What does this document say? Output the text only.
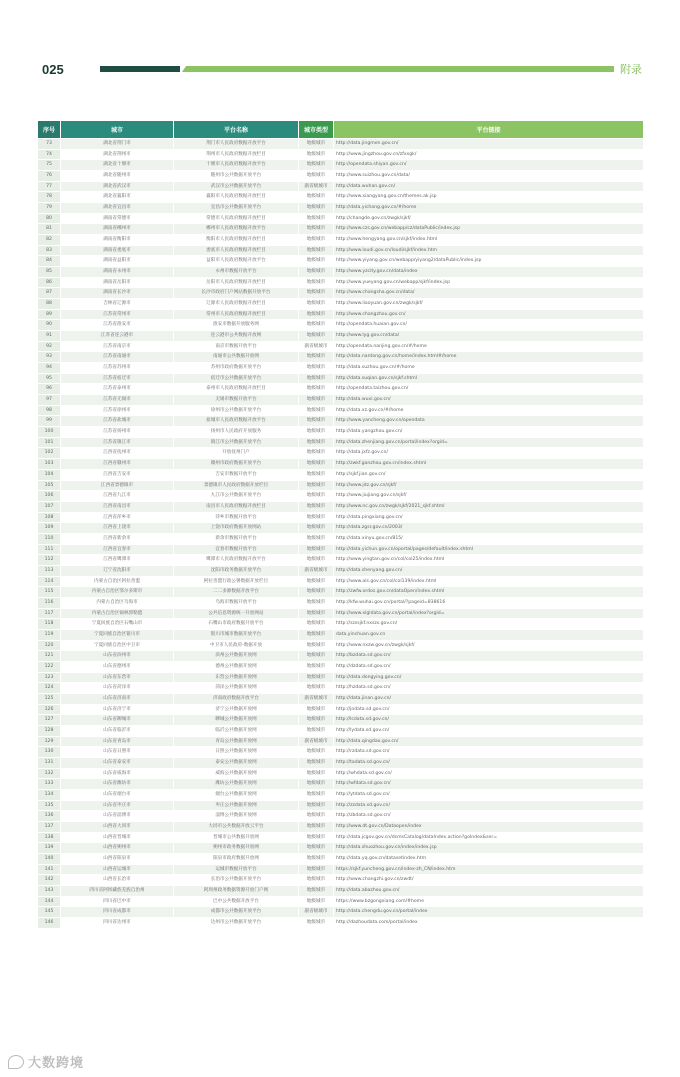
025	附录
序号	城市	平台名称	城市类型	平台链接
73	湖北省荆门市	荆门市人民政府数据开放平台	地级城市	http://data.jingmen.gov.cn/
74	湖北省荆州市	荆州市人民政府数据开放栏目	地级城市	http://www.jingzhou.gov.cn/zfxxgk/
75	湖北省十堰市	十堰市人民政府数据开放平台	地级城市	http://opendata.shiyan.gov.cn/
76	湖北省随州市	随州市公共数据开放平台	地级城市	http://www.suizhou.gov.cn/data/
77	湖北省武汉市	武汉市公共数据开放平台	副省级城市	http://data.wuhan.gov.cn/
78	湖北省襄阳市	襄阳市人民政府数据开放栏目	地级城市	http://www.xiangyang.gov.cn/themes.ak.jsp
79	湖北省宜昌市	宜昌市公共数据开放平台	地级城市	http://data.yichang.gov.cn/#/home
80	湖南省常德市	常德市人民政府数据开放栏目	地级城市	http://changde.gov.cn/zwgk/sjkf/
81	湖南省郴州市	郴州市人民政府数据开放平台	地级城市	http://www.czs.gov.cn/webapp/cz/dataPublic/index.jsp
82	湖南省衡阳市	衡阳市人民政府数据开放栏目	地级城市	http://www.hengyang.gov.cn/sjkf/index.html
83	湖南省娄底市	娄底市人民政府数据开放栏目	地级城市	http://www.loudi.gov.cn/loudi/sjkf/index.htm
84	湖南省益阳市	益阳市人民政府数据开放平台	地级城市	http://www.yiyang.gov.cn/webapp/yiyang2/dataPublic/index.jsp
85	湖南省永州市	永州市数据开放平台	地级城市	http://www.yzcity.gov.cn/data/index
86	湖南省岳阳市	岳阳市人民政府数据开放栏目	地级城市	http://www.yueyang.gov.cn/webapp/sjkf/index.jsp
87	湖南省长沙市	长沙市政府门户网站数据开放平台	地级城市	http://www.changsha.gov.cn/data/
88	吉林省辽源市	辽源市人民政府数据开放栏目	地级城市	http://www.liaoyuan.gov.cn/zwgk/sjkf/
89	江苏省常州市	常州市人民政府数据开放栏目	地级城市	http://www.changzhou.gov.cn/
90	江苏省淮安市	淮安市数据开放服务网	地级城市	http://opendata.huaian.gov.cn/
91	江苏省连云港市	连云港市公共数据开放网	地级城市	http://www.lyg.gov.cn/data/
92	江苏省南京市	南京市数据开放平台	副省级城市	http://opendata.nanjing.gov.cn/#/home
93	江苏省南通市	南通市公共数据开放网	地级城市	http://data.nantong.gov.cn/home/index.html#/home
94	江苏省苏州市	苏州市政府数据开放平台	地级城市	http://data.suzhou.gov.cn/#/home
95	江苏省宿迁市	宿迁市公共数据开放平台	地级城市	http://data.suqian.gov.cn/sjkf.shtml
96	江苏省泰州市	泰州市人民政府数据开放栏目	地级城市	http://opendata.taizhou.gov.cn/
97	江苏省无锡市	无锡市数据开放平台	地级城市	http://data.wuxi.gov.cn/
98	江苏省徐州市	徐州市公共数据开放平台	地级城市	http://data.xz.gov.cn/#/home
99	江苏省盐城市	盐城市人民政府数据开放平台	地级城市	http://www.yancheng.gov.cn/opendata
100	江苏省扬州市	扬州市人民政府开放服务	地级城市	http://data.yangzhou.gov.cn/
101	江苏省镇江市	镇江市公共数据开放平台	地级城市	http://data.zhenjiang.gov.cn/portal/index?orgid=
102	江西省抚州市	开放抚州门户	地级城市	http://data.jxfz.gov.cn/
103	江西省赣州市	赣州市政府数据开放平台	地级城市	http://zwkf.ganzhou.gov.cn/index.shtml
104	江西省吉安市	吉安市数据开放平台	地级城市	http://sjkf.jian.gov.cn/
105	江西省景德镇市	景德镇市人民政府数据开放栏目	地级城市	http://www.jdz.gov.cn/sjkf/
106	江西省九江市	九江市公共数据开放平台	地级城市	http://www.jiujiang.gov.cn/sjkf/
107	江西省南昌市	南昌市人民政府数据开放栏目	地级城市	http://www.nc.gov.cn/zwgk/sjkf/2021_sjkf.shtml
108	江西省萍乡市	萍乡市数据开放平台	地级城市	http://data.pingxiang.gov.cn/
109	江西省上饶市	上饶市政府数据开放网站	地级城市	http://data.zgsr.gov.cn/2003/
110	江西省新余市	新余市数据开放平台	地级城市	http://data.xinyu.gov.cn/815/
111	江西省宜春市	宜春市数据开放平台	地级城市	http://data.yichun.gov.cn/oportal/pages/default/index.shtml
112	江西省鹰潭市	鹰潭市人民政府数据开放平台	地级城市	http://www.yingtan.gov.cn/col/col25/index.html
113	辽宁省沈阳市	沈阳市政务数据开放平台	副省级城市	http://data.shenyang.gov.cn/
114	内蒙古自治区阿拉善盟	阿拉善盟行政公署数据开放栏目	地级城市	http://www.als.gov.cn/col/col139/index.html
115	内蒙古自治区鄂尔多斯市	二二多源数据开放平台	地级城市	http://zwfw.ordos.gov.cn/dataOpen/index.shtml
116	内蒙古自治区乌海市	乌海市数据开放平台	地级城市	http://kfw.wuhai.gov.cn/portal/?pageid=838616
117	内蒙古自治区锡林郭勒盟	公共信息资源统一开放网站	地级城市	http://www.xlgldata.gov.cn/portal/index?orgid=
118	宁夏回族自治区石嘴山市	石嘴山市政府数据开放平台	地级城市	http://szssjkf.nxszs.gov.cn/
119	宁夏回族自治区银川市	银川市城市数据开放平台	地级城市	data.yinchuan.gov.cn
120	宁夏回族自治区中卫市	中卫市人民政府-数据开放	地级城市	http://www.nxzw.gov.cn/zwgk/sjkf/
121	山东省滨州市	滨州公共数据开放网	地级城市	http://bzdata.sd.gov.cn/
122	山东省德州市	德州公共数据开放网	地级城市	http://dzdata.sd.gov.cn/
123	山东省东营市	东营公共数据开放网	地级城市	http://data.dongying.gov.cn/
124	山东省菏泽市	菏泽公共数据开放网	地级城市	http://hzdata.sd.gov.cn/
125	山东省济南市	济南政府数据开放平台	副省级城市	http://data.jinan.gov.cn/
126	山东省济宁市	济宁公共数据开放网	地级城市	http://jndata.sd.gov.cn/
127	山东省聊城市	聊城公共数据开放网	地级城市	http://lcdata.sd.gov.cn/
128	山东省临沂市	临沂公共数据开放网	地级城市	http://lydata.sd.gov.cn/
129	山东省青岛市	青岛公共数据开放网	副省级城市	http://data.qingdao.gov.cn/
130	山东省日照市	日照公共数据开放网	地级城市	http://rzdata.sd.gov.cn/
131	山东省泰安市	泰安公共数据开放网	地级城市	http://tadata.sd.gov.cn/
132	山东省威海市	威海公共数据开放网	地级城市	http://whdata.sd.gov.cn/
133	山东省潍坊市	潍坊公共数据开放网	地级城市	http://wfdata.sd.gov.cn/
134	山东省烟台市	烟台公共数据开放网	地级城市	http://ytdata.sd.gov.cn/
135	山东省枣庄市	枣庄公共数据开放网	地级城市	http://zzdata.sd.gov.cn/
136	山东省淄博市	淄博公共数据开放网	地级城市	http://zbdata.sd.gov.cn/
137	山西省大同市	大同市公共数据开放云平台	地级城市	http://www.dt.gov.cn/Dataopen/index
138	山西省晋城市	晋城市公共数据开放网	地级城市	http://data.jcgov.gov.cn/dsmsCatalog/dataIndex.action?goIndex&ser=
139	山西省朔州市	朔州市政务数据开放网	地级城市	http://data.shuozhou.gov.cn/index/index.jsp
140	山西省阳泉市	阳泉市政府数据开放网	地级城市	http://data.yq.gov.cn/datasetindex.htm
141	山西省运城市	运城市数据开放平台	地级城市	https://sjkf.yuncheng.gov.cn/index-zh_CN/index.htm
142	山西省长治市	长治市公共数据开放平台	地级城市	http://www.changzhi.gov.cn/zwdt/
143	四川省阿坝藏族羌族自治州	阿坝州政务数据资源开放门户网	地级城市	http://data.abazhou.gov.cn/
144	四川省巴中市	巴中公共数据开放平台	地级城市	https://www.bzgongxiang.com/#home
145	四川省成都市	成都市公共数据开放平台	副省级城市	http://data.chengdu.gov.cn/portal/index
146	四川省达州市	达州市公共数据开放平台	地级城市	http://dazhoudata.com/portal/index
大数跨境
